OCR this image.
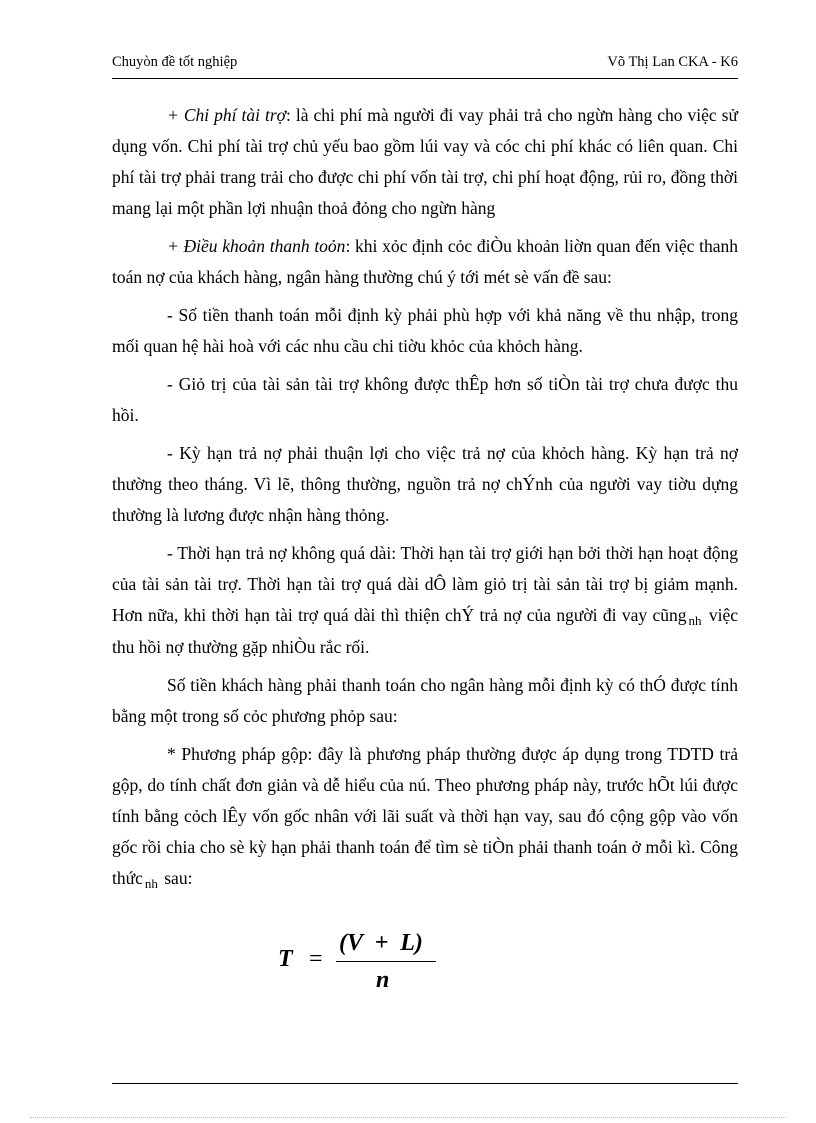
Chuyòn đề tốt nghiệp	Võ Thị Lan CKA - K6

+ Chi phí tài trợ: là chi phí mà người đi vay phải trả cho ngừn hàng cho việc sử dụng vốn. Chi phí tài trợ chủ yếu bao gồm lúi vay và cóc chi phí khác có liên quan. Chi phí tài trợ phải trang trải cho được chi phí vốn tài trợ, chi phí hoạt động, rủi ro, đồng thời mang lại một phần lợi nhuận thoả đỏng cho ngừn hàng

+ Điều khoản thanh toỏn: khi xỏc định cỏc điÒu khoản liờn quan đến việc thanh toán nợ của khách hàng, ngân hàng thường chú ý tới mét sè vấn đề sau:

- Số tiền thanh toán mỗi định kỳ phải phù hợp với khả năng về thu nhập, trong mối quan hệ hài hoà với các nhu cầu chi tiờu khỏc của khỏch hàng.

- Giỏ trị của tài sản tài trợ không được thÊp hơn số tiÒn tài trợ chưa được thu hồi.

- Kỳ hạn trả nợ phải thuận lợi cho việc trả nợ của khỏch hàng. Kỳ hạn trả nợ thường theo tháng. Vì lẽ, thông thường, nguồn trả nợ chÝnh của người vay tiờu dựng thường là lương được nhận hàng thỏng.

- Thời hạn trả nợ không quá dài: Thời hạn tài trợ giới hạn bởi thời hạn hoạt động của tài sản tài trợ. Thời hạn tài trợ quá dài dÔ làm giỏ trị tài sản tài trợ bị giảm mạnh. Hơn nữa, khi thời hạn tài trợ quá dài thì thiện chÝ trả nợ của người đi vay cũng $_{nh}$ việc thu hồi nợ thường gặp nhiÒu rắc rối.

Số tiền khách hàng phải thanh toán cho ngân hàng mỗi định kỳ có thÓ được tính bằng một trong số cỏc phương phỏp sau:

* Phương pháp gộp: đây là phương pháp thường được áp dụng trong TDTD trả gộp, do tính chất đơn giản và dễ hiểu của nú. Theo phương pháp này, trước hÕt lúi được tính bằng cỏch lÊy vốn gốc nhân với lãi suất và thời hạn vay, sau đó cộng gộp vào vốn gốc rồi chia cho sè kỳ hạn phải thanh toán để tìm sè tiÒn phải thanh toán ở mỗi kì. Công thức $_{nh}$ sau:

T =
(V  +  L)
n
